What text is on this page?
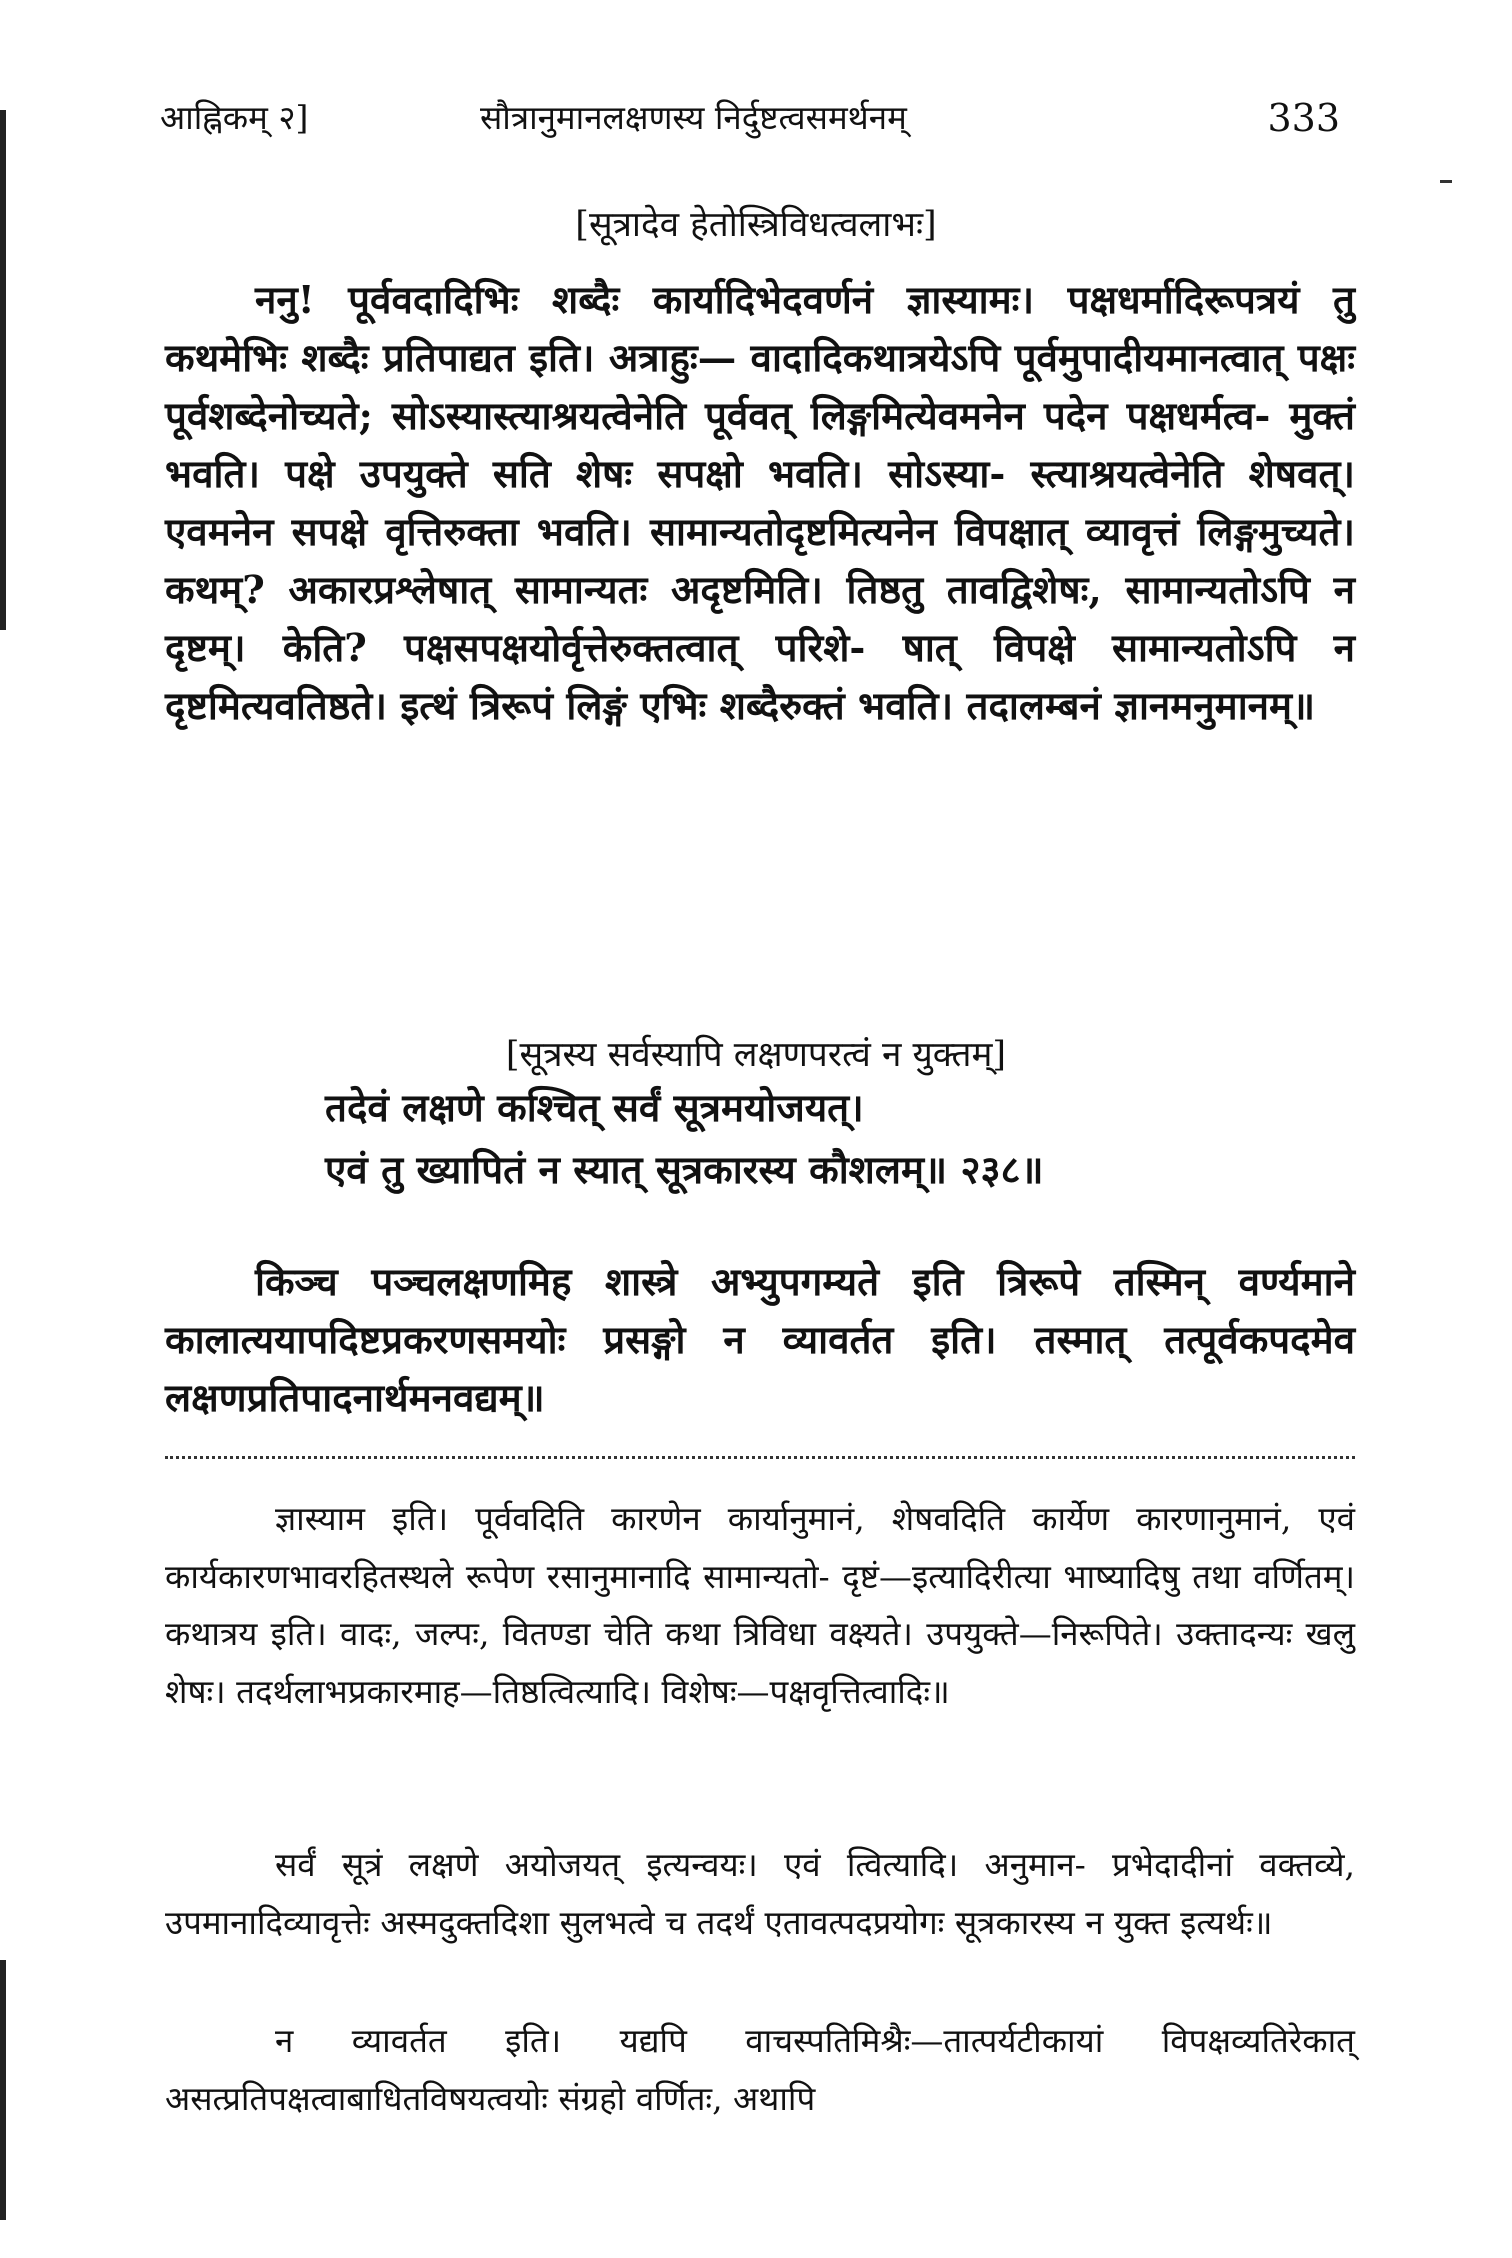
आह्निकम् २]	सौत्रानुमानलक्षणस्य निर्दुष्टत्वसमर्थनम्	333
[सूत्रादेव हेतोस्त्रिविधत्वलाभः]

ननु! पूर्ववदादिभिः शब्दैः कार्यादिभेदवर्णनं ज्ञास्यामः। पक्षधर्मादिरूपत्रयं तु कथमेभिः शब्दैः प्रतिपाद्यत इति। अत्राहुः— वादादिकथात्रयेऽपि पूर्वमुपादीयमानत्वात् पक्षः पूर्वशब्देनोच्यते; सोऽस्यास्त्याश्रयत्वेनेति पूर्ववत् लिङ्गमित्येवमनेन पदेन पक्षधर्मत्व- मुक्तं भवति। पक्षे उपयुक्ते सति शेषः सपक्षो भवति। सोऽस्या- स्त्याश्रयत्वेनेति शेषवत्। एवमनेन सपक्षे वृत्तिरुक्ता भवति। सामान्यतोदृष्टमित्यनेन विपक्षात् व्यावृत्तं लिङ्गमुच्यते। कथम्? अकारप्रश्लेषात् सामान्यतः अदृष्टमिति। तिष्ठतु तावद्विशेषः, सामान्यतोऽपि न दृष्टम्। केति? पक्षसपक्षयोर्वृत्तेरुक्तत्वात् परिशे- षात् विपक्षे सामान्यतोऽपि न दृष्टमित्यवतिष्ठते। इत्थं त्रिरूपं लिङ्गं एभिः शब्दैरुक्तं भवति। तदालम्बनं ज्ञानमनुमानम्॥

[सूत्रस्य सर्वस्यापि लक्षणपरत्वं न युक्तम्]
तदेवं लक्षणे कश्चित् सर्वं सूत्रमयोजयत्।
एवं तु ख्यापितं न स्यात् सूत्रकारस्य कौशलम्॥ २३८॥

किञ्च पञ्चलक्षणमिह शास्त्रे अभ्युपगम्यते इति त्रिरूपे तस्मिन् वर्ण्यमाने कालात्ययापदिष्टप्रकरणसमयोः प्रसङ्गो न व्यावर्तत इति। तस्मात् तत्पूर्वकपदमेव लक्षणप्रतिपादनार्थमनवद्यम्॥

ज्ञास्याम इति। पूर्ववदिति कारणेन कार्यानुमानं, शेषवदिति कार्येण कारणानुमानं, एवं कार्यकारणभावरहितस्थले रूपेण रसानुमानादि सामान्यतो- दृष्टं—इत्यादिरीत्या भाष्यादिषु तथा वर्णितम्। कथात्रय इति। वादः, जल्पः, वितण्डा चेति कथा त्रिविधा वक्ष्यते। उपयुक्ते—निरूपिते। उक्तादन्यः खलु शेषः। तदर्थलाभप्रकारमाह—तिष्ठत्वित्यादि। विशेषः—पक्षवृत्तित्वादिः॥

सर्वं सूत्रं लक्षणे अयोजयत् इत्यन्वयः। एवं त्वित्यादि। अनुमान- प्रभेदादीनां वक्तव्ये, उपमानादिव्यावृत्तेः अस्मदुक्तदिशा सुलभत्वे च तदर्थं एतावत्पदप्रयोगः सूत्रकारस्य न युक्त इत्यर्थः॥

न व्यावर्तत इति। यद्यपि वाचस्पतिमिश्रैः—तात्पर्यटीकायां विपक्षव्यतिरेकात् असत्प्रतिपक्षत्वाबाधितविषयत्वयोः संग्रहो वर्णितः, अथापि
